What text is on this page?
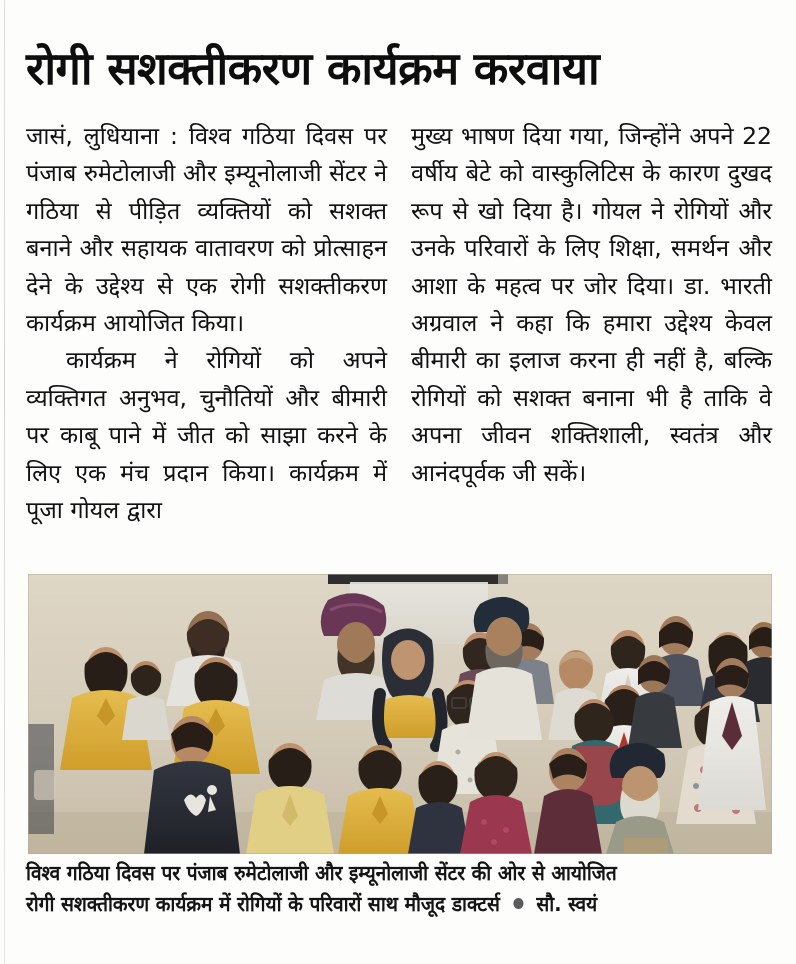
रोगी सशक्तीकरण कार्यक्रम करवाया

जासं, लुधियाना : विश्व गठिया दिवस पर पंजाब रुमेटोलाजी और इम्यूनोलाजी सेंटर ने गठिया से पीड़ित व्यक्तियों को सशक्त बनाने और सहायक वातावरण को प्रोत्साहन देने के उद्देश्य से एक रोगी सशक्तीकरण कार्यक्रम आयोजित किया।

कार्यक्रम ने रोगियों को अपने व्यक्तिगत अनुभव, चुनौतियों और बीमारी पर काबू पाने में जीत को साझा करने के लिए एक मंच प्रदान किया। कार्यक्रम में पूजा गोयल द्वारा

मुख्य भाषण दिया गया, जिन्होंने अपने 22 वर्षीय बेटे को वास्कुलिटिस के कारण दुखद रूप से खो दिया है। गोयल ने रोगियों और उनके परिवारों के लिए शिक्षा, समर्थन और आशा के महत्व पर जोर दिया। डा. भारती अग्रवाल ने कहा कि हमारा उद्देश्य केवल बीमारी का इलाज करना ही नहीं है, बल्कि रोगियों को सशक्त बनाना भी है ताकि वे अपना जीवन शक्तिशाली, स्वतंत्र और आनंदपूर्वक जी सकें।

विश्व गठिया दिवस पर पंजाब रुमेटोलाजी और इम्यूनोलाजी सेंटर की ओर से आयोजित
रोगी सशक्तीकरण कार्यक्रम में रोगियों के परिवारों साथ मौजूद डाक्टर्स सौ. स्वयं
